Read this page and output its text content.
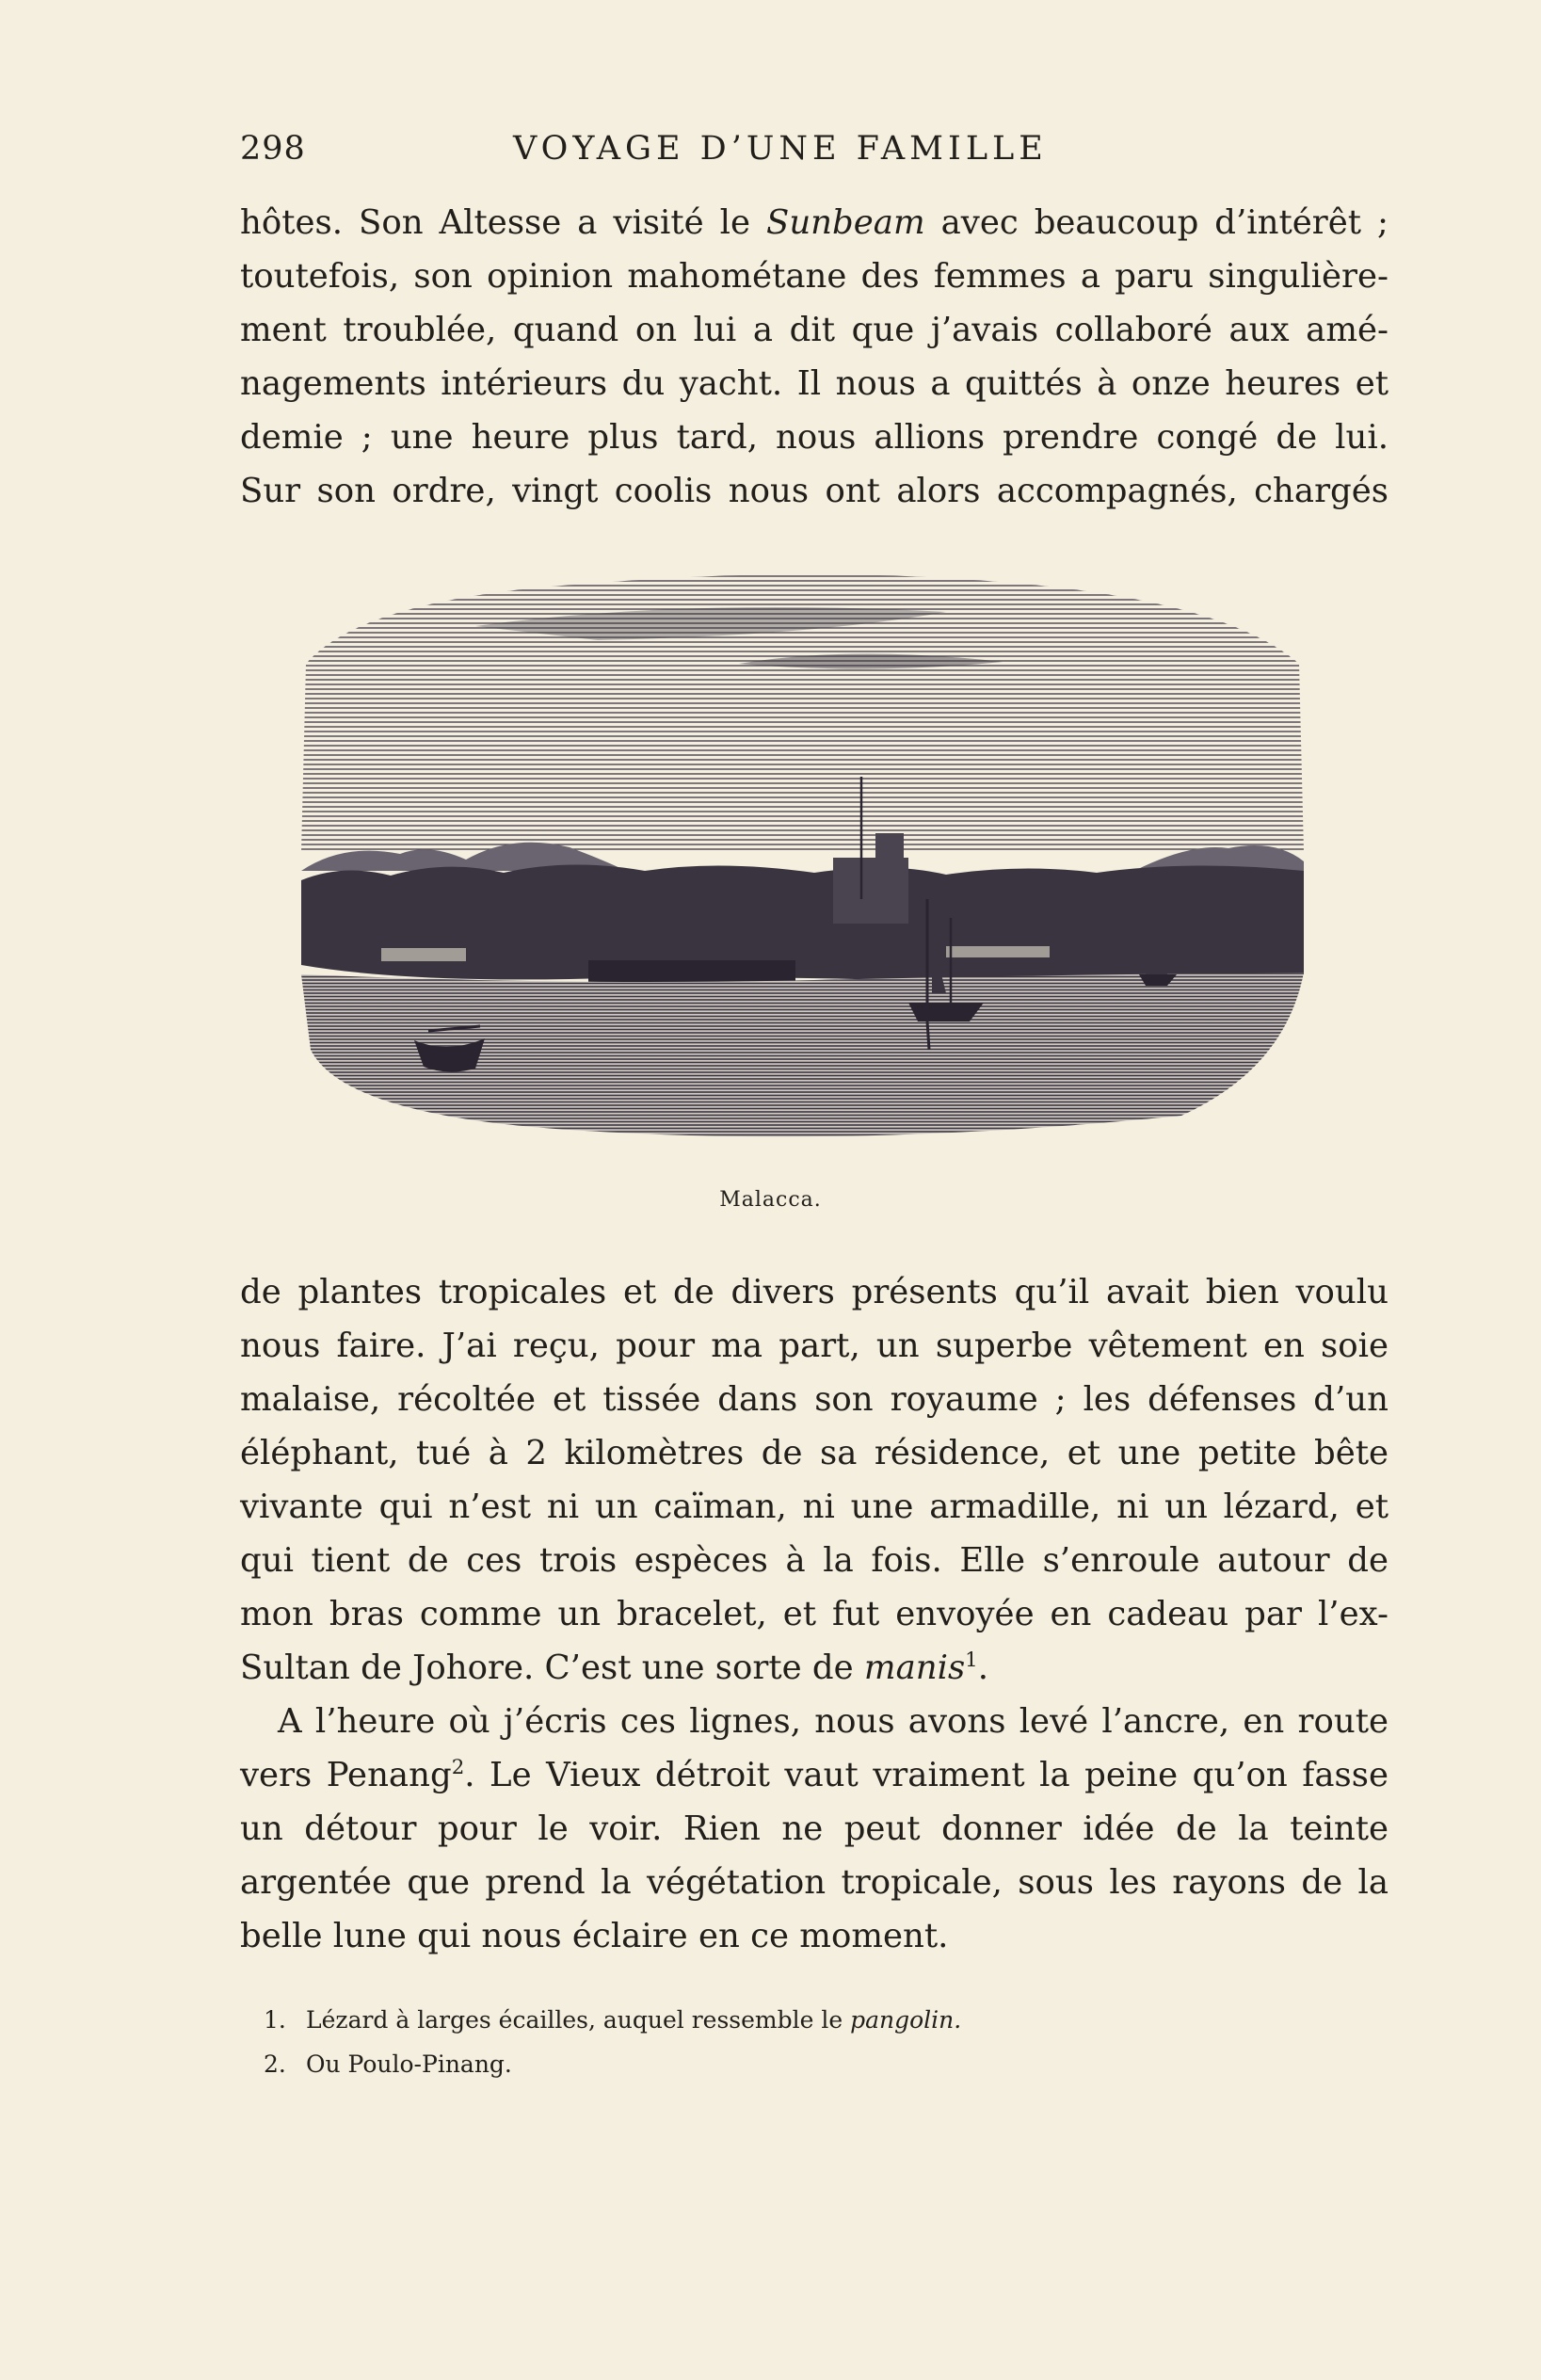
298	VOYAGE D’UNE FAMILLE
hôtes. Son Altesse a visité le Sunbeam avec beaucoup d’intérêt ;
toutefois, son opinion mahométane des femmes a paru singulière-
ment troublée, quand on lui a dit que j’avais collaboré aux amé-
nagements intérieurs du yacht. Il nous a quittés à onze heures et
demie ; une heure plus tard, nous allions prendre congé de lui.
Sur son ordre, vingt coolis nous ont alors accompagnés, chargés
Malacca.
de plantes tropicales et de divers présents qu’il avait bien voulu
nous faire. J’ai reçu, pour ma part, un superbe vêtement en soie
malaise, récoltée et tissée dans son royaume ; les défenses d’un
éléphant, tué à 2 kilomètres de sa résidence, et une petite bête
vivante qui n’est ni un caïman, ni une armadille, ni un lézard, et
qui tient de ces trois espèces à la fois. Elle s’enroule autour de
mon bras comme un bracelet, et fut envoyée en cadeau par l’ex-
Sultan de Johore. C’est une sorte de manis$^1$.
A l’heure où j’écris ces lignes, nous avons levé l’ancre, en route
vers Penang$^2$. Le Vieux détroit vaut vraiment la peine qu’on fasse
un détour pour le voir. Rien ne peut donner idée de la teinte
argentée que prend la végétation tropicale, sous les rayons de la
belle lune qui nous éclaire en ce moment.
1. Lézard à larges écailles, auquel ressemble le pangolin.
2. Ou Poulo-Pinang.
